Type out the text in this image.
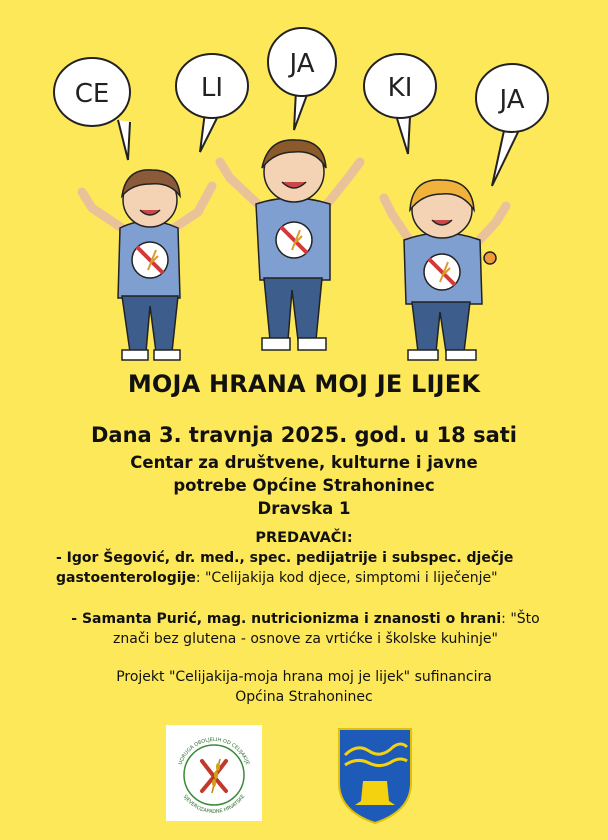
CE	LI
JA
KI	JA
MOJA HRANA MOJ JE LIJEK
Dana 3. travnja 2025. god. u 18 sati
Centar za društvene, kulturne i javne
potrebe Općine Strahoninec
Dravska 1
PREDAVAČI:
- Igor Šegović, dr. med., spec. pedijatrije i subspec. dječje
gastoenterologije: "Celijakija kod djece, simptomi i liječenje"
- Samanta Purić, mag. nutricionizma i znanosti o hrani: "Što
znači bez glutena - osnove za vrtićke i školske kuhinje"
Projekt "Celijakija-moja hrana moj je lijek" sufinancira
Općina Strahoninec
UDRUGA OBOLJELIH OD CELIJAKIJE
SJEVEROZAPADNE HRVATSKE
